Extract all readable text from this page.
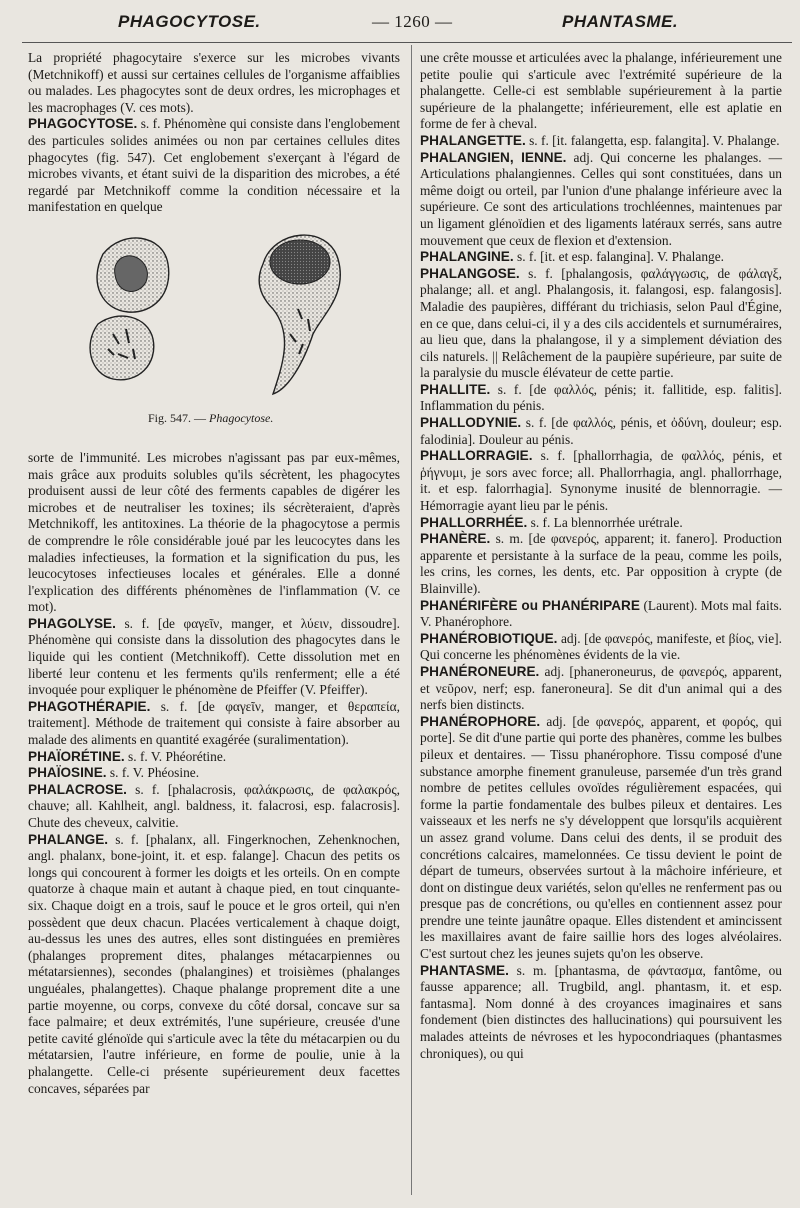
PHAGOCYTOSE.	— 1260 —	PHANTASME.

La propriété phagocytaire s'exerce sur les microbes vivants (Metchnikoff) et aussi sur certaines cellules de l'organisme affaiblies ou malades. Les phagocytes sont de deux ordres, les microphages et les macrophages (V. ces mots).

PHAGOCYTOSE. s. f. Phénomène qui consiste dans l'englobement des particules solides animées ou non par certaines cellules dites phagocytes (fig. 547). Cet englobement s'exerçant à l'égard de microbes vivants, et étant suivi de la disparition des microbes, a été regardé par Metchnikoff comme la condition nécessaire et la manifestation en quelque

Fig. 547. — Phagocytose.

sorte de l'immunité. Les microbes n'agissant pas par eux-mêmes, mais grâce aux produits solubles qu'ils sécrètent, les phagocytes produisent aussi de leur côté des ferments capables de digérer les microbes et de neutraliser les toxines; ils sécrèteraient, d'après Metchnikoff, les antitoxines. La théorie de la phagocytose a permis de comprendre le rôle considérable joué par les leucocytes dans les maladies infectieuses, la formation et la signification du pus, les leucocytoses infectieuses locales et générales. Elle a donné l'explication des différents phénomènes de l'inflammation (V. ce mot).

PHAGOLYSE. s. f. [de φαγεῖν, manger, et λύειν, dissoudre]. Phénomène qui consiste dans la dissolution des phagocytes dans le liquide qui les contient (Metchnikoff). Cette dissolution met en liberté leur contenu et les ferments qu'ils renferment; elle a été invoquée pour expliquer le phénomène de Pfeiffer (V. Pfeiffer).

PHAGOTHÉRAPIE. s. f. [de φαγεῖν, manger, et θεραπεία, traitement]. Méthode de traitement qui consiste à faire absorber au malade des aliments en quantité exagérée (suralimentation).

PHAÏORÉTINE. s. f. V. Phéorétine.

PHAÏOSINE. s. f. V. Phéosine.

PHALACROSE. s. f. [phalacrosis, φαλάκρωσις, de φαλακρός, chauve; all. Kahlheit, angl. baldness, it. falacrosi, esp. falacrosis]. Chute des cheveux, calvitie.

PHALANGE. s. f. [phalanx, all. Fingerknochen, Zehenknochen, angl. phalanx, bone-joint, it. et esp. falange]. Chacun des petits os longs qui concourent à former les doigts et les orteils. On en compte quatorze à chaque main et autant à chaque pied, en tout cinquante-six. Chaque doigt en a trois, sauf le pouce et le gros orteil, qui n'en possèdent que deux chacun. Placées verticalement à chaque doigt, au-dessus les unes des autres, elles sont distinguées en premières (phalanges proprement dites, phalanges métacarpiennes ou métatarsiennes), secondes (phalangines) et troisièmes (phalanges unguéales, phalangettes). Chaque phalange proprement dite a une partie moyenne, ou corps, convexe du côté dorsal, concave sur sa face palmaire; et deux extrémités, l'une supérieure, creusée d'une petite cavité glénoïde qui s'articule avec la tête du métacarpien ou du métatarsien, l'autre inférieure, en forme de poulie, unie à la phalangette. Celle-ci présente supérieurement deux facettes concaves, séparées par

une crête mousse et articulées avec la phalange, inférieurement une petite poulie qui s'articule avec l'extrémité supérieure de la phalangette. Celle-ci est semblable supérieurement à la partie supérieure de la phalangette; inférieurement, elle est aplatie en forme de fer à cheval.

PHALANGETTE. s. f. [it. falangetta, esp. falangita]. V. Phalange.

PHALANGIEN, IENNE. adj. Qui concerne les phalanges. — Articulations phalangiennes. Celles qui sont constituées, dans un même doigt ou orteil, par l'union d'une phalange inférieure avec la supérieure. Ce sont des articulations trochléennes, maintenues par un ligament glénoïdien et des ligaments latéraux serrés, sans autre mouvement que ceux de flexion et d'extension.

PHALANGINE. s. f. [it. et esp. falangina]. V. Phalange.

PHALANGOSE. s. f. [phalangosis, φαλάγγωσις, de φάλαγξ, phalange; all. et angl. Phalangosis, it. falangosi, esp. falangosis]. Maladie des paupières, différant du trichiasis, selon Paul d'Égine, en ce que, dans celui-ci, il y a des cils accidentels et surnuméraires, au lieu que, dans la phalangose, il y a simplement déviation des cils naturels. || Relâchement de la paupière supérieure, par suite de la paralysie du muscle élévateur de cette partie.

PHALLITE. s. f. [de φαλλός, pénis; it. fallitide, esp. falitis]. Inflammation du pénis.

PHALLODYNIE. s. f. [de φαλλός, pénis, et ὀδύνη, douleur; esp. falodinia]. Douleur au pénis.

PHALLORRAGIE. s. f. [phallorrhagia, de φαλλός, pénis, et ῥήγνυμι, je sors avec force; all. Phallorrhagia, angl. phallorrhage, it. et esp. falorrhagia]. Synonyme inusité de blennorragie. — Hémorragie ayant lieu par le pénis.

PHALLORRHÉE. s. f. La blennorrhée urétrale.

PHANÈRE. s. m. [de φανερός, apparent; it. fanero]. Production apparente et persistante à la surface de la peau, comme les poils, les crins, les cornes, les dents, etc. Par opposition à crypte (de Blainville).

PHANÉRIFÈRE ou PHANÉRIPARE (Laurent). Mots mal faits. V. Phanérophore.

PHANÉROBIOTIQUE. adj. [de φανερός, manifeste, et βίος, vie]. Qui concerne les phénomènes évidents de la vie.

PHANÉRONEURE. adj. [phaneroneurus, de φανερός, apparent, et νεῦρον, nerf; esp. faneroneura]. Se dit d'un animal qui a des nerfs bien distincts.

PHANÉROPHORE. adj. [de φανερός, apparent, et φορός, qui porte]. Se dit d'une partie qui porte des phanères, comme les bulbes pileux et dentaires. — Tissu phanérophore. Tissu composé d'une substance amorphe finement granuleuse, parsemée d'un très grand nombre de petites cellules ovoïdes régulièrement espacées, qui forme la partie fondamentale des bulbes pileux et dentaires. Les vaisseaux et les nerfs ne s'y développent que lorsqu'ils acquièrent un assez grand volume. Dans celui des dents, il se produit des concrétions calcaires, mamelonnées. Ce tissu devient le point de départ de tumeurs, observées surtout à la mâchoire inférieure, et dont on distingue deux variétés, selon qu'elles ne renferment pas ou presque pas de concrétions, ou qu'elles en contiennent assez pour prendre une teinte jaunâtre opaque. Elles distendent et amincissent les maxillaires avant de faire saillie hors des loges alvéolaires. C'est surtout chez les jeunes sujets qu'on les observe.

PHANTASME. s. m. [phantasma, de φάντασμα, fantôme, ou fausse apparence; all. Trugbild, angl. phantasm, it. et esp. fantasma]. Nom donné à des croyances imaginaires et sans fondement (bien distinctes des hallucinations) qui poursuivent les malades atteints de névroses et les hypocondriaques (phantasmes chroniques), ou qui
